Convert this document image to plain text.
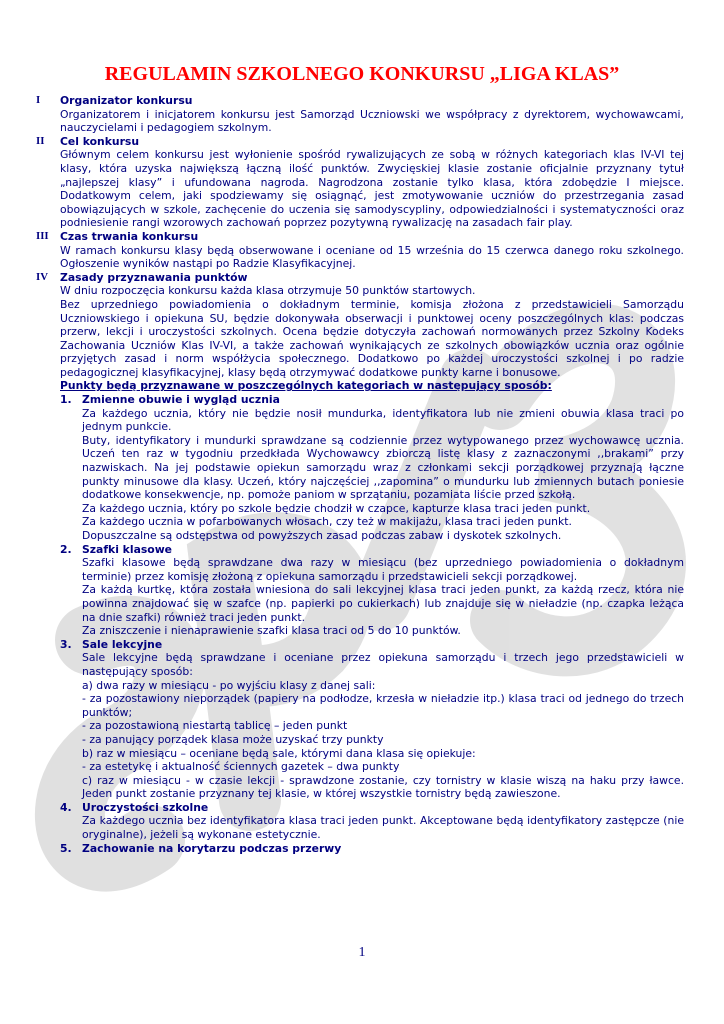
REGULAMIN SZKOLNEGO KONKURSU „LIGA KLAS”
I	Organizator konkursu

Organizatorem i inicjatorem konkursu jest Samorząd Uczniowski we współpracy z dyrektorem, wychowawcami, nauczycielami i pedagogiem szkolnym.

II	Cel konkursu

Głównym celem konkursu jest wyłonienie spośród rywalizujących ze sobą w różnych kategoriach klas IV-VI tej klasy, która uzyska największą łączną ilość punktów. Zwycięskiej klasie zostanie oficjalnie przyznany tytuł „najlepszej klasy” i ufundowana nagroda. Nagrodzona zostanie tylko klasa, która zdobędzie I miejsce. Dodatkowym celem, jaki spodziewamy się osiągnąć, jest zmotywowanie uczniów do przestrzegania zasad obowiązujących w szkole, zachęcenie do uczenia się samodyscypliny, odpowiedzialności i systematyczności oraz podniesienie rangi wzorowych zachowań poprzez pozytywną rywalizację na zasadach fair play.

III	Czas trwania konkursu

W ramach konkursu klasy będą obserwowane i oceniane od 15 września do 15 czerwca danego roku szkolnego. Ogłoszenie wyników nastąpi po Radzie Klasyfikacyjnej.

IV	Zasady przyznawania punktów

W dniu rozpoczęcia konkursu każda klasa otrzymuje 50 punktów startowych.

Bez uprzedniego powiadomienia o dokładnym terminie, komisja złożona z przedstawicieli Samorządu Uczniowskiego i opiekuna SU, będzie dokonywała obserwacji i punktowej oceny poszczególnych klas: podczas przerw, lekcji i uroczystości szkolnych. Ocena będzie dotyczyła zachowań normowanych przez Szkolny Kodeks Zachowania Uczniów Klas IV-VI, a także zachowań wynikających ze szkolnych obowiązków ucznia oraz ogólnie przyjętych zasad i norm współżycia społecznego. Dodatkowo po każdej uroczystości szkolnej i po radzie pedagogicznej klasyfikacyjnej, klasy będą otrzymywać dodatkowe punkty karne i bonusowe.

Punkty będą przyznawane w poszczególnych kategoriach w następujący sposób:

1. Zmienne obuwie i wygląd ucznia

Za każdego ucznia, który nie będzie nosił mundurka, identyfikatora lub nie zmieni obuwia klasa traci po jednym punkcie.

Buty, identyfikatory i mundurki sprawdzane są codziennie przez wytypowanego przez wychowawcę ucznia. Uczeń ten raz w tygodniu przedkłada Wychowawcy zbiorczą listę klasy z zaznaczonymi ,,brakami” przy nazwiskach. Na jej podstawie opiekun samorządu wraz z członkami sekcji porządkowej przyznają łączne punkty minusowe dla klasy. Uczeń, który najczęściej ,,zapomina” o mundurku lub zmiennych butach poniesie dodatkowe konsekwencje, np. pomoże paniom w sprzątaniu, pozamiata liście przed szkołą.

Za każdego ucznia, który po szkole będzie chodził w czapce, kapturze klasa traci jeden punkt.

Za każdego ucznia w pofarbowanych włosach, czy też w makijażu, klasa traci jeden punkt.

Dopuszczalne są odstępstwa od powyższych zasad podczas zabaw i dyskotek szkolnych.

2. Szafki klasowe

Szafki klasowe będą sprawdzane dwa razy w miesiącu (bez uprzedniego powiadomienia o dokładnym terminie) przez komisję złożoną z opiekuna samorządu i przedstawicieli sekcji porządkowej.

Za każdą kurtkę, która została wniesiona do sali lekcyjnej klasa traci jeden punkt, za każdą rzecz, która nie powinna znajdować się w szafce (np. papierki po cukierkach) lub znajduje się w nieładzie (np. czapka leżąca na dnie szafki) również traci jeden punkt.

Za zniszczenie i nienaprawienie szafki klasa traci od 5 do 10 punktów.

3. Sale lekcyjne

Sale lekcyjne będą sprawdzane i oceniane przez opiekuna samorządu i trzech jego przedstawicieli w następujący sposób:

a) dwa razy w miesiącu - po wyjściu klasy z danej sali:

- za pozostawiony nieporządek (papiery na podłodze, krzesła w nieładzie itp.) klasa traci od jednego do trzech punktów;

- za pozostawioną niestartą tablicę – jeden punkt

- za panujący porządek klasa może uzyskać trzy punkty

b) raz w miesiącu – oceniane będą sale, którymi dana klasa się opiekuje:

- za estetykę i aktualność ściennych gazetek – dwa punkty

c) raz w miesiącu - w czasie lekcji - sprawdzone zostanie, czy tornistry w klasie wiszą na haku przy ławce. Jeden punkt zostanie przyznany tej klasie, w której wszystkie tornistry będą zawieszone.

4. Uroczystości szkolne

Za każdego ucznia bez identyfikatora klasa traci jeden punkt. Akceptowane będą identyfikatory zastępcze (nie oryginalne), jeżeli są wykonane estetycznie.

5. Zachowanie na korytarzu podczas przerwy
1
